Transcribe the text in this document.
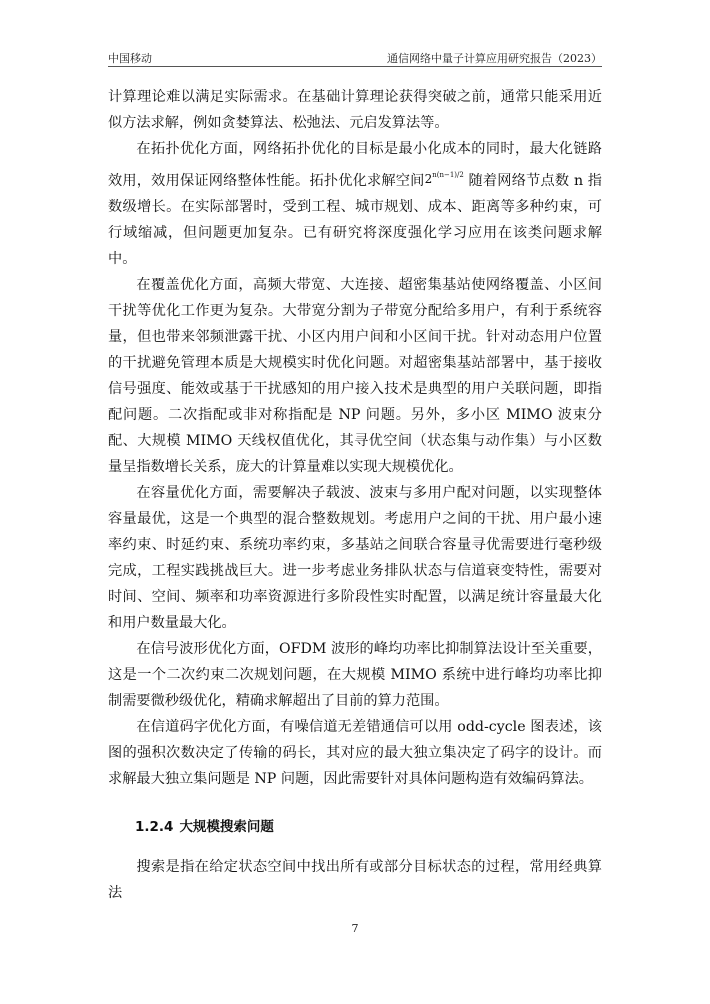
中国移动	通信网络中量子计算应用研究报告（2023）

计算理论难以满足实际需求。在基础计算理论获得突破之前，通常只能采用近似方法求解，例如贪婪算法、松弛法、元启发算法等。

在拓扑优化方面，网络拓扑优化的目标是最小化成本的同时，最大化链路效用，效用保证网络整体性能。拓扑优化求解空间$2^{n(n-1)/2}$ 随着网络节点数 n 指数级增长。在实际部署时，受到工程、城市规划、成本、距离等多种约束，可行域缩减，但问题更加复杂。已有研究将深度强化学习应用在该类问题求解中。

在覆盖优化方面，高频大带宽、大连接、超密集基站使网络覆盖、小区间干扰等优化工作更为复杂。大带宽分割为子带宽分配给多用户，有利于系统容量，但也带来邻频泄露干扰、小区内用户间和小区间干扰。针对动态用户位置的干扰避免管理本质是大规模实时优化问题。对超密集基站部署中，基于接收信号强度、能效或基于干扰感知的用户接入技术是典型的用户关联问题，即指配问题。二次指配或非对称指配是 NP 问题。另外，多小区 MIMO 波束分配、大规模 MIMO 天线权值优化，其寻优空间（状态集与动作集）与小区数量呈指数增长关系，庞大的计算量难以实现大规模优化。

在容量优化方面，需要解决子载波、波束与多用户配对问题，以实现整体容量最优，这是一个典型的混合整数规划。考虑用户之间的干扰、用户最小速率约束、时延约束、系统功率约束，多基站之间联合容量寻优需要进行毫秒级完成，工程实践挑战巨大。进一步考虑业务排队状态与信道衰变特性，需要对时间、空间、频率和功率资源进行多阶段性实时配置，以满足统计容量最大化和用户数量最大化。

在信号波形优化方面，OFDM 波形的峰均功率比抑制算法设计至关重要，这是一个二次约束二次规划问题，在大规模 MIMO 系统中进行峰均功率比抑制需要微秒级优化，精确求解超出了目前的算力范围。

在信道码字优化方面，有噪信道无差错通信可以用 odd-cycle 图表述，该图的强积次数决定了传输的码长，其对应的最大独立集决定了码字的设计。而求解最大独立集问题是 NP 问题，因此需要针对具体问题构造有效编码算法。

1.2.4 大规模搜索问题

搜索是指在给定状态空间中找出所有或部分目标状态的过程，常用经典算法

7
